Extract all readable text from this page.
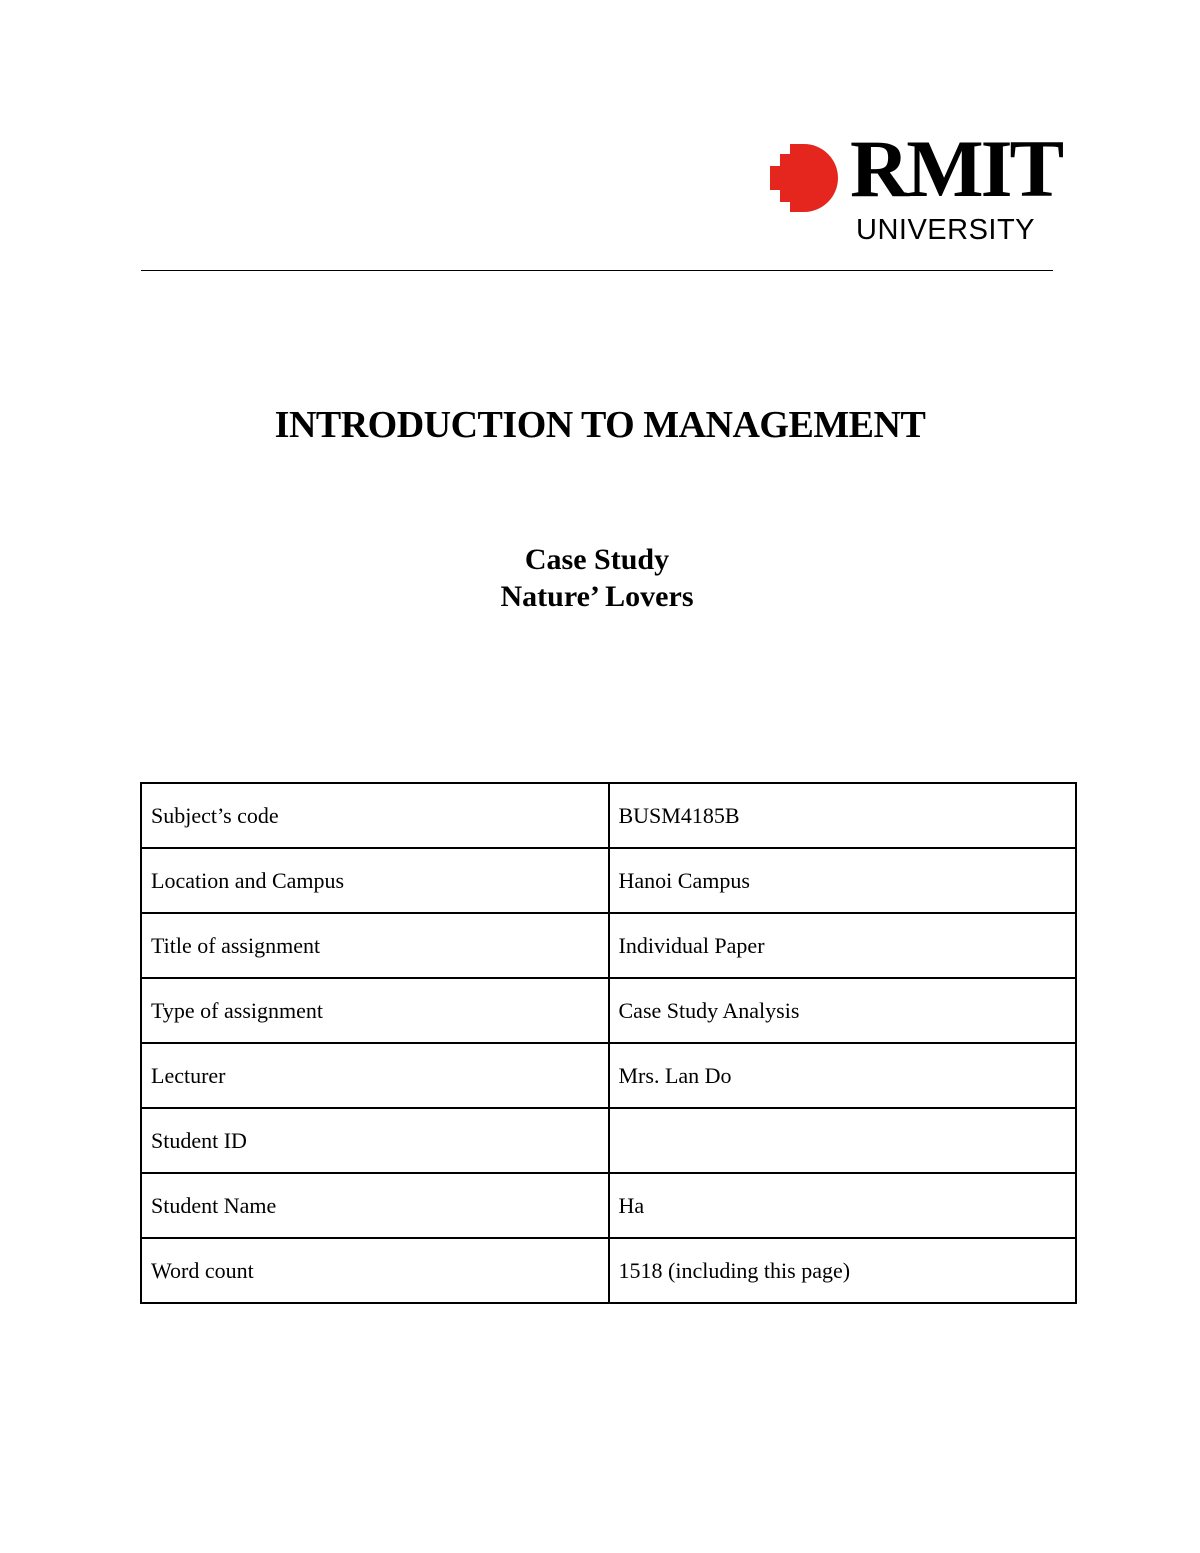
RMIT
UNIVERSITY
INTRODUCTION TO MANAGEMENT
Case Study
Nature’ Lovers
Subject’s code	BUSM4185B
Location and Campus	Hanoi Campus
Title of assignment	Individual Paper
Type of assignment	Case Study Analysis
Lecturer	Mrs. Lan Do
Student ID	
Student Name	Ha
Word count	1518 (including this page)
